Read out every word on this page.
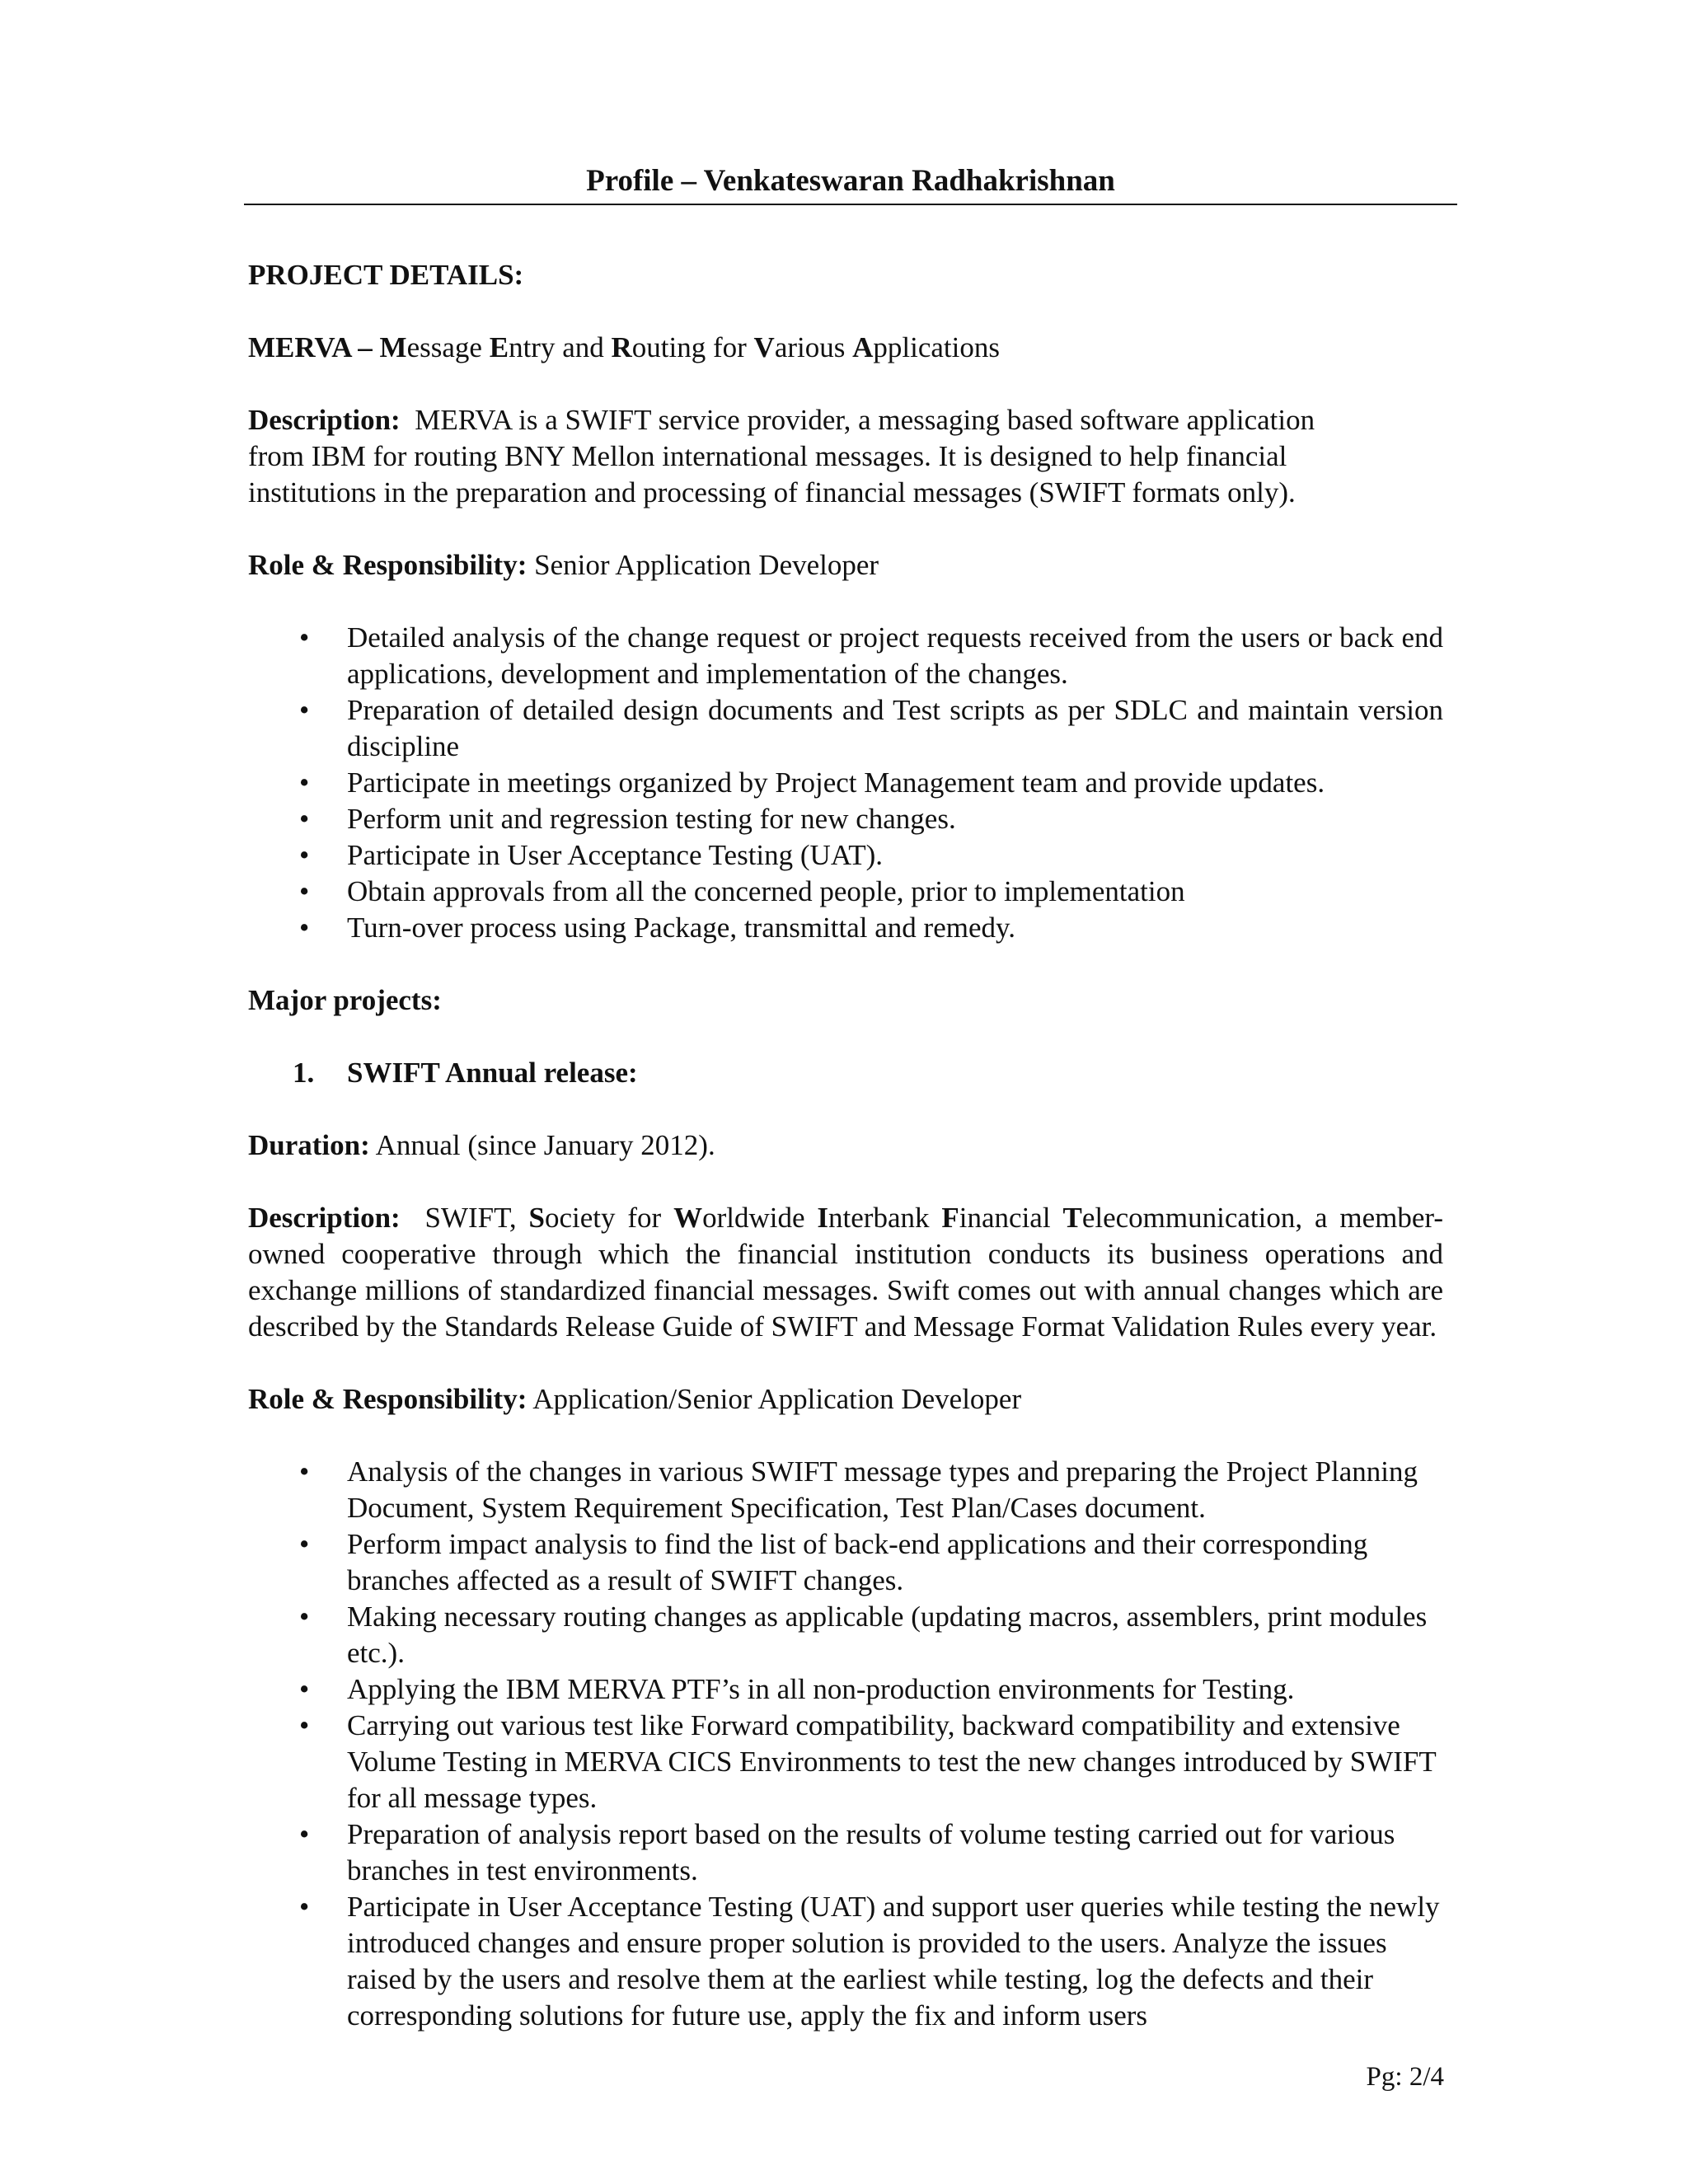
Profile – Venkateswaran Radhakrishnan

PROJECT DETAILS:

MERVA – Message Entry and Routing for Various Applications

Description: MERVA is a SWIFT service provider, a messaging based software application
from IBM for routing BNY Mellon international messages. It is designed to help financial
institutions in the preparation and processing of financial messages (SWIFT formats only).

Role & Responsibility: Senior Application Developer

• Detailed analysis of the change request or project requests received from the users or back end applications, development and implementation of the changes.
• Preparation of detailed design documents and Test scripts as per SDLC and maintain version discipline
• Participate in meetings organized by Project Management team and provide updates.
• Perform unit and regression testing for new changes.
• Participate in User Acceptance Testing (UAT).
• Obtain approvals from all the concerned people, prior to implementation
• Turn-over process using Package, transmittal and remedy.

Major projects:

1. SWIFT Annual release:

Duration: Annual (since January 2012).

Description: SWIFT, Society for Worldwide Interbank Financial Telecommunication, a member-owned cooperative through which the financial institution conducts its business operations and exchange millions of standardized financial messages. Swift comes out with annual changes which are described by the Standards Release Guide of SWIFT and Message Format Validation Rules every year.

Role & Responsibility: Application/Senior Application Developer

• Analysis of the changes in various SWIFT message types and preparing the Project Planning Document, System Requirement Specification, Test Plan/Cases document.
• Perform impact analysis to find the list of back-end applications and their corresponding branches affected as a result of SWIFT changes.
• Making necessary routing changes as applicable (updating macros, assemblers, print modules etc.).
• Applying the IBM MERVA PTF’s in all non-production environments for Testing.
• Carrying out various test like Forward compatibility, backward compatibility and extensive Volume Testing in MERVA CICS Environments to test the new changes introduced by SWIFT for all message types.
• Preparation of analysis report based on the results of volume testing carried out for various branches in test environments.
• Participate in User Acceptance Testing (UAT) and support user queries while testing the newly introduced changes and ensure proper solution is provided to the users. Analyze the issues raised by the users and resolve them at the earliest while testing, log the defects and their corresponding solutions for future use, apply the fix and inform users
Pg: 2/4
